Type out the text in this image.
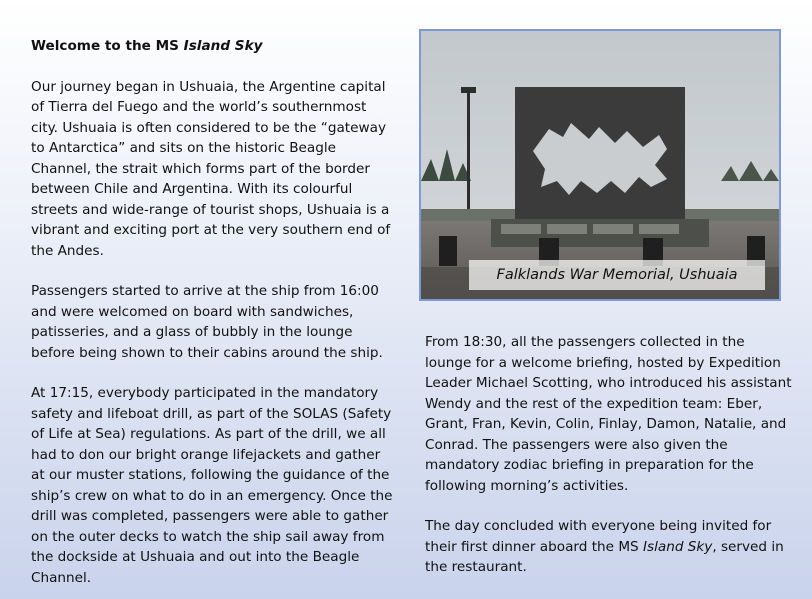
Welcome to the MS Island Sky

Our journey began in Ushuaia, the Argentine capital of Tierra del Fuego and the world’s southernmost city. Ushuaia is often considered to be the “gateway to Antarctica” and sits on the historic Beagle Channel, the strait which forms part of the border between Chile and Argentina. With its colourful streets and wide-range of tourist shops, Ushuaia is a vibrant and exciting port at the very southern end of the Andes.

Passengers started to arrive at the ship from 16:00 and were welcomed on board with sandwiches, patisseries, and a glass of bubbly in the lounge before being shown to their cabins around the ship.

At 17:15, everybody participated in the mandatory safety and lifeboat drill, as part of the SOLAS (Safety of Life at Sea) regulations. As part of the drill, we all had to don our bright orange lifejackets and gather at our muster stations, following the guidance of the ship’s crew on what to do in an emergency. Once the drill was completed, passengers were able to gather on the outer decks to watch the ship sail away from the dockside at Ushuaia and out into the Beagle Channel.

Falklands War Memorial, Ushuaia

From 18:30, all the passengers collected in the lounge for a welcome briefing, hosted by Expedition Leader Michael Scotting, who introduced his assistant Wendy and the rest of the expedition team: Eber, Grant, Fran, Kevin, Colin, Finlay, Damon, Natalie, and Conrad. The passengers were also given the mandatory zodiac briefing in preparation for the following morning’s activities.

The day concluded with everyone being invited for their first dinner aboard the MS Island Sky, served in the restaurant.
